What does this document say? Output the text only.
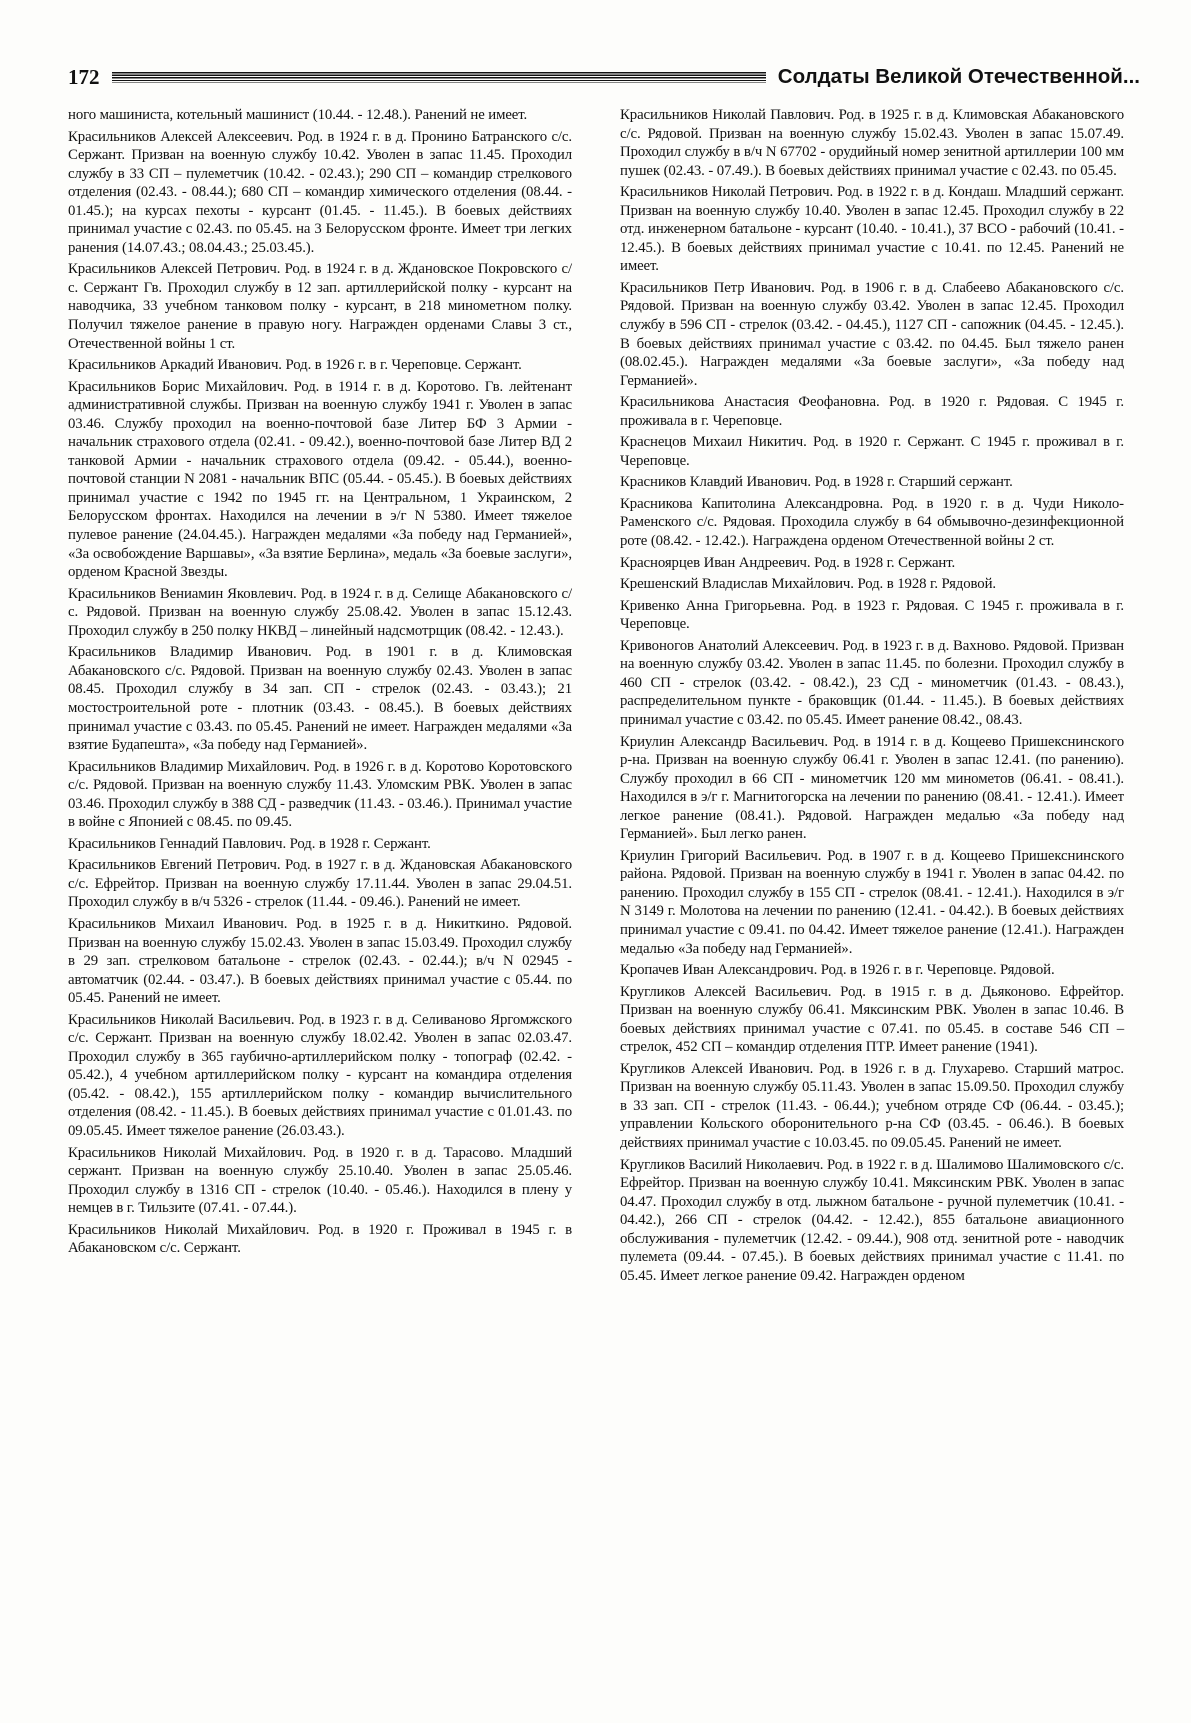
172	Солдаты Великой Отечественной...

ного машиниста, котельный машинист (10.44. - 12.48.). Ранений не имеет.

Красильников Алексей Алексеевич. Род. в 1924 г. в д. Пронино Батранского с/с. Сержант. Призван на военную службу 10.42. Уволен в запас 11.45. Проходил службу в 33 СП – пулеметчик (10.42. - 02.43.); 290 СП – командир стрелкового отделения (02.43. - 08.44.); 680 СП – командир химического отделения (08.44. - 01.45.); на курсах пехоты - курсант (01.45. - 11.45.). В боевых действиях принимал участие с 02.43. по 05.45. на 3 Белорусском фронте. Имеет три легких ранения (14.07.43.; 08.04.43.; 25.03.45.).

Красильников Алексей Петрович. Род. в 1924 г. в д. Ждановское Покровского с/с. Сержант Гв. Проходил службу в 12 зап. артиллерийской полку - курсант на наводчика, 33 учебном танковом полку - курсант, в 218 минометном полку. Получил тяжелое ранение в правую ногу. Награжден орденами Славы 3 ст., Отечественной войны 1 ст.

Красильников Аркадий Иванович. Род. в 1926 г. в г. Череповце. Сержант.

Красильников Борис Михайлович. Род. в 1914 г. в д. Коротово. Гв. лейтенант административной службы. Призван на военную службу 1941 г. Уволен в запас 03.46. Службу проходил на военно-почтовой базе Литер БФ 3 Армии - начальник страхового отдела (02.41. - 09.42.), военно-почтовой базе Литер ВД 2 танковой Армии - начальник страхового отдела (09.42. - 05.44.), военно-почтовой станции N 2081 - начальник ВПС (05.44. - 05.45.). В боевых действиях принимал участие с 1942 по 1945 гг. на Центральном, 1 Украинском, 2 Белорусском фронтах. Находился на лечении в э/г N 5380. Имеет тяжелое пулевое ранение (24.04.45.). Награжден медалями «За победу над Германией», «За освобождение Варшавы», «За взятие Берлина», медаль «За боевые заслуги», орденом Красной Звезды.

Красильников Вениамин Яковлевич. Род. в 1924 г. в д. Селище Абакановского с/с. Рядовой. Призван на военную службу 25.08.42. Уволен в запас 15.12.43. Проходил службу в 250 полку НКВД – линейный надсмотрщик (08.42. - 12.43.).

Красильников Владимир Иванович. Род. в 1901 г. в д. Климовская Абакановского с/с. Рядовой. Призван на военную службу 02.43. Уволен в запас 08.45. Проходил службу в 34 зап. СП - стрелок (02.43. - 03.43.); 21 мостостроительной роте - плотник (03.43. - 08.45.). В боевых действиях принимал участие с 03.43. по 05.45. Ранений не имеет. Награжден медалями «За взятие Будапешта», «За победу над Германией».

Красильников Владимир Михайлович. Род. в 1926 г. в д. Коротово Коротовского с/с. Рядовой. Призван на военную службу 11.43. Уломским РВК. Уволен в запас 03.46. Проходил службу в 388 СД - разведчик (11.43. - 03.46.). Принимал участие в войне с Японией с 08.45. по 09.45.

Красильников Геннадий Павлович. Род. в 1928 г. Сержант.

Красильников Евгений Петрович. Род. в 1927 г. в д. Ждановская Абакановского с/с. Ефрейтор. Призван на военную службу 17.11.44. Уволен в запас 29.04.51. Проходил службу в в/ч 5326 - стрелок (11.44. - 09.46.). Ранений не имеет.

Красильников Михаил Иванович. Род. в 1925 г. в д. Никиткино. Рядовой. Призван на военную службу 15.02.43. Уволен в запас 15.03.49. Проходил службу в 29 зап. стрелковом батальоне - стрелок (02.43. - 02.44.); в/ч N 02945 - автоматчик (02.44. - 03.47.). В боевых действиях принимал участие с 05.44. по 05.45. Ранений не имеет.

Красильников Николай Васильевич. Род. в 1923 г. в д. Селиваново Яргомжского с/с. Сержант. Призван на военную службу 18.02.42. Уволен в запас 02.03.47. Проходил службу в 365 гаубично-артиллерийском полку - топограф (02.42. - 05.42.), 4 учебном артиллерийском полку - курсант на командира отделения (05.42. - 08.42.), 155 артиллерийском полку - командир вычислительного отделения (08.42. - 11.45.). В боевых действиях принимал участие с 01.01.43. по 09.05.45. Имеет тяжелое ранение (26.03.43.).

Красильников Николай Михайлович. Род. в 1920 г. в д. Тарасово. Младший сержант. Призван на военную службу 25.10.40. Уволен в запас 25.05.46. Проходил службу в 1316 СП - стрелок (10.40. - 05.46.). Находился в плену у немцев в г. Тильзите (07.41. - 07.44.).

Красильников Николай Михайлович. Род. в 1920 г. Проживал в 1945 г. в Абакановском с/с. Сержант.

Красильников Николай Павлович. Род. в 1925 г. в д. Климовская Абакановского с/с. Рядовой. Призван на военную службу 15.02.43. Уволен в запас 15.07.49. Проходил службу в в/ч N 67702 - орудийный номер зенитной артиллерии 100 мм пушек (02.43. - 07.49.). В боевых действиях принимал участие с 02.43. по 05.45.

Красильников Николай Петрович. Род. в 1922 г. в д. Кондаш. Младший сержант. Призван на военную службу 10.40. Уволен в запас 12.45. Проходил службу в 22 отд. инженерном батальоне - курсант (10.40. - 10.41.), 37 ВСО - рабочий (10.41. - 12.45.). В боевых действиях принимал участие с 10.41. по 12.45. Ранений не имеет.

Красильников Петр Иванович. Род. в 1906 г. в д. Слабеево Абакановского с/с. Рядовой. Призван на военную службу 03.42. Уволен в запас 12.45. Проходил службу в 596 СП - стрелок (03.42. - 04.45.), 1127 СП - сапожник (04.45. - 12.45.). В боевых действиях принимал участие с 03.42. по 04.45. Был тяжело ранен (08.02.45.). Награжден медалями «За боевые заслуги», «За победу над Германией».

Красильникова Анастасия Феофановна. Род. в 1920 г. Рядовая. С 1945 г. проживала в г. Череповце.

Краснецов Михаил Никитич. Род. в 1920 г. Сержант. С 1945 г. проживал в г. Череповце.

Красников Клавдий Иванович. Род. в 1928 г. Старший сержант.

Красникова Капитолина Александровна. Род. в 1920 г. в д. Чуди Николо-Раменского с/с. Рядовая. Проходила службу в 64 обмывочно-дезинфекционной роте (08.42. - 12.42.). Награждена орденом Отечественной войны 2 ст.

Красноярцев Иван Андреевич. Род. в 1928 г. Сержант.

Крешенский Владислав Михайлович. Род. в 1928 г. Рядовой.

Кривенко Анна Григорьевна. Род. в 1923 г. Рядовая. С 1945 г. проживала в г. Череповце.

Кривоногов Анатолий Алексеевич. Род. в 1923 г. в д. Вахново. Рядовой. Призван на военную службу 03.42. Уволен в запас 11.45. по болезни. Проходил службу в 460 СП - стрелок (03.42. - 08.42.), 23 СД - минометчик (01.43. - 08.43.), распределительном пункте - браковщик (01.44. - 11.45.). В боевых действиях принимал участие с 03.42. по 05.45. Имеет ранение 08.42., 08.43.

Криулин Александр Васильевич. Род. в 1914 г. в д. Кощеево Пришекснинского р-на. Призван на военную службу 06.41 г. Уволен в запас 12.41. (по ранению). Службу проходил в 66 СП - минометчик 120 мм минометов (06.41. - 08.41.). Находился в э/г г. Магнитогорска на лечении по ранению (08.41. - 12.41.). Имеет легкое ранение (08.41.). Рядовой. Награжден медалью «За победу над Германией». Был легко ранен.

Криулин Григорий Васильевич. Род. в 1907 г. в д. Кощеево Пришекснинского района. Рядовой. Призван на военную службу в 1941 г. Уволен в запас 04.42. по ранению. Проходил службу в 155 СП - стрелок (08.41. - 12.41.). Находился в э/г N 3149 г. Молотова на лечении по ранению (12.41. - 04.42.). В боевых действиях принимал участие с 09.41. по 04.42. Имеет тяжелое ранение (12.41.). Награжден медалью «За победу над Германией».

Кропачев Иван Александрович. Род. в 1926 г. в г. Череповце. Рядовой.

Кругликов Алексей Васильевич. Род. в 1915 г. в д. Дьяконово. Ефрейтор. Призван на военную службу 06.41. Мяксинским РВК. Уволен в запас 10.46. В боевых действиях принимал участие с 07.41. по 05.45. в составе 546 СП – стрелок, 452 СП – командир отделения ПТР. Имеет ранение (1941).

Кругликов Алексей Иванович. Род. в 1926 г. в д. Глухарево. Старший матрос. Призван на военную службу 05.11.43. Уволен в запас 15.09.50. Проходил службу в 33 зап. СП - стрелок (11.43. - 06.44.); учебном отряде СФ (06.44. - 03.45.); управлении Кольского оборонительного р-на СФ (03.45. - 06.46.). В боевых действиях принимал участие с 10.03.45. по 09.05.45. Ранений не имеет.

Кругликов Василий Николаевич. Род. в 1922 г. в д. Шалимово Шалимовского с/с. Ефрейтор. Призван на военную службу 10.41. Мяксинским РВК. Уволен в запас 04.47. Проходил службу в отд. лыжном батальоне - ручной пулеметчик (10.41. - 04.42.), 266 СП - стрелок (04.42. - 12.42.), 855 батальоне авиационного обслуживания - пулеметчик (12.42. - 09.44.), 908 отд. зенитной роте - наводчик пулемета (09.44. - 07.45.). В боевых действиях принимал участие с 11.41. по 05.45. Имеет легкое ранение 09.42. Награжден орденом
